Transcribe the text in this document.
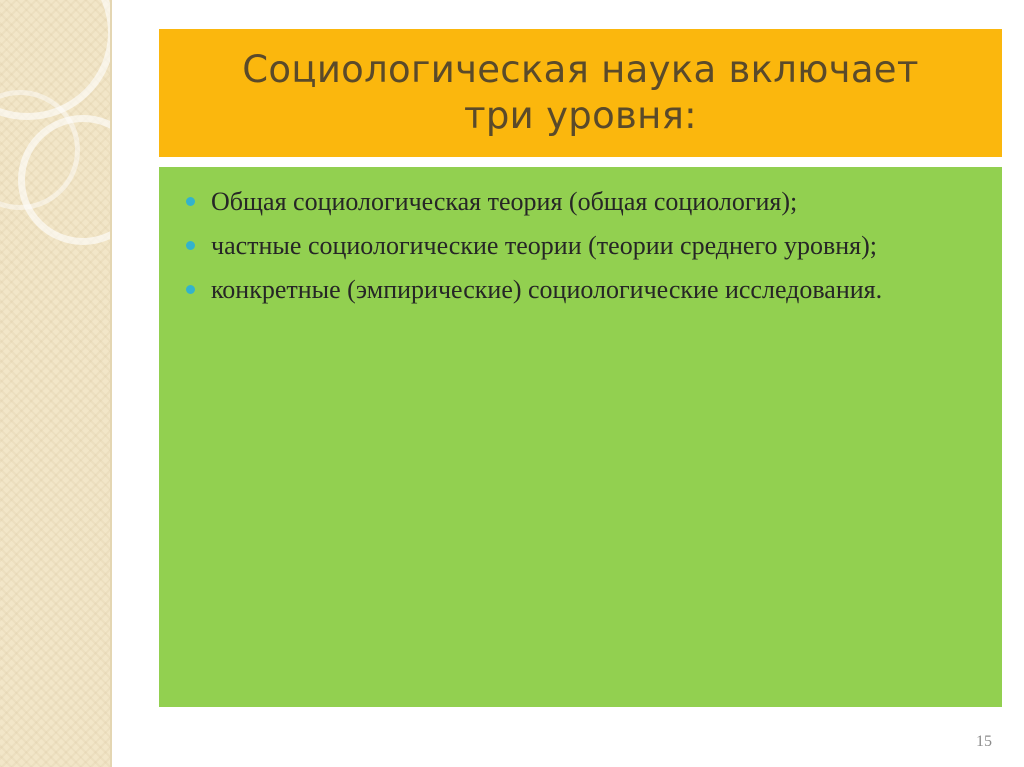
Социологическая наука включает
три уровня:
Общая социологическая теория (общая социология);
частные социологические теории (теории среднего уровня);
конкретные (эмпирические) социологические исследования.
15
